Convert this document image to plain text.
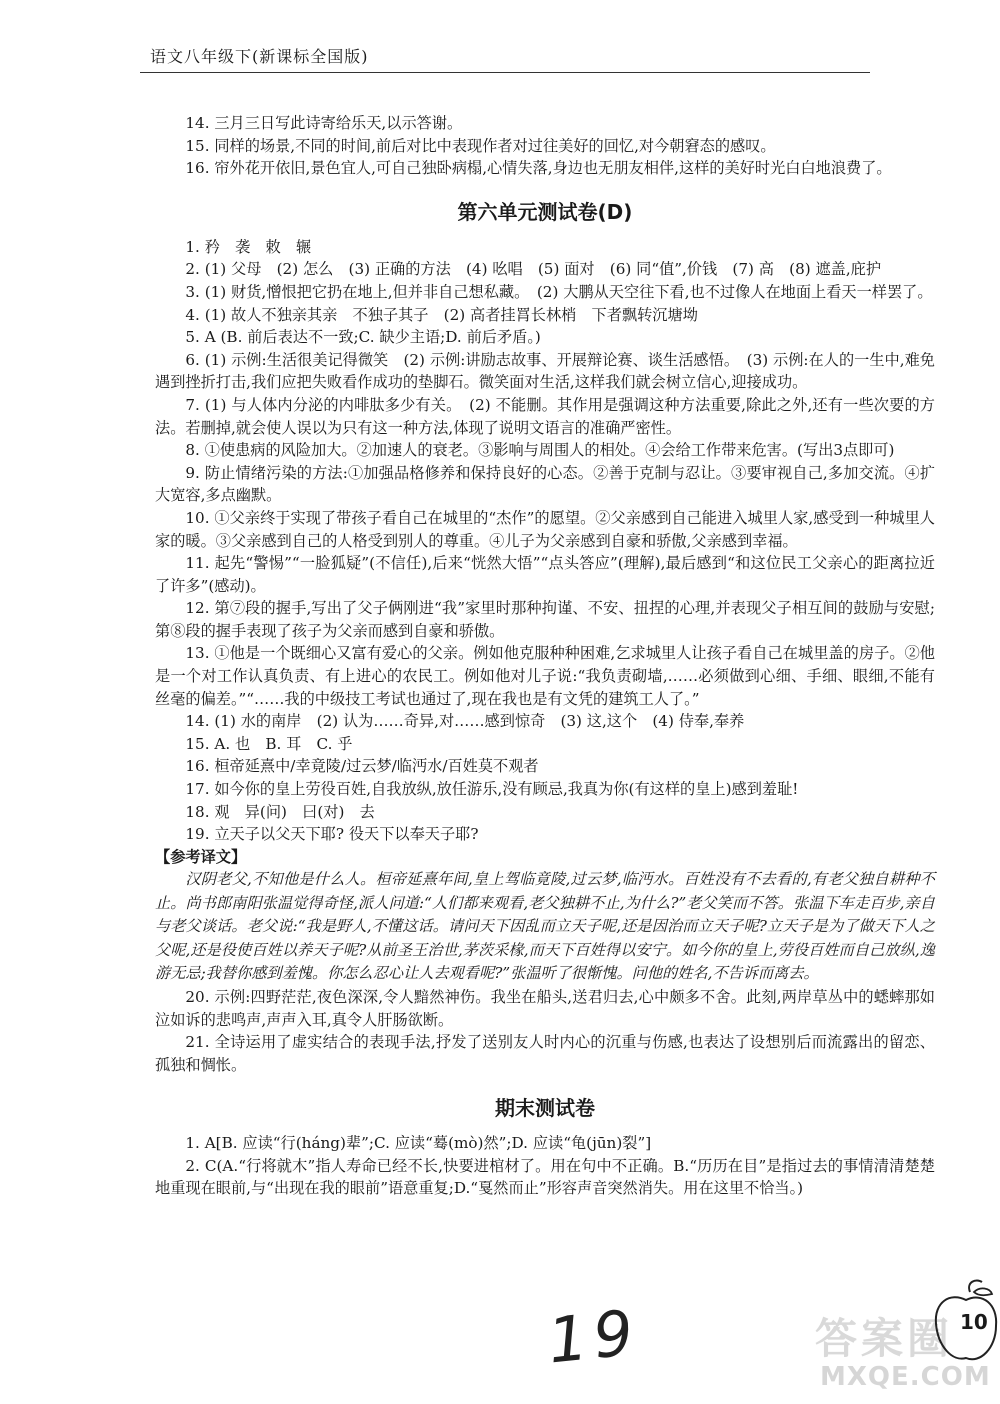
语文八年级下(新课标全国版)

14. 三月三日写此诗寄给乐天,以示答谢。

15. 同样的场景,不同的时间,前后对比中表现作者对过往美好的回忆,对今朝窘态的感叹。

16. 帘外花开依旧,景色宜人,可自己独卧病榻,心情失落,身边也无朋友相伴,这样的美好时光白白地浪费了。

第六单元测试卷(D)

1. 矜　袭　敕　辗

2. (1) 父母　(2) 怎么　(3) 正确的方法　(4) 吆唱　(5) 面对　(6) 同“值”,价钱　(7) 高　(8) 遮盖,庇护

3. (1) 财货,憎恨把它扔在地上,但并非自己想私藏。　(2) 大鹏从天空往下看,也不过像人在地面上看天一样罢了。

4. (1) 故人不独亲其亲　不独子其子　(2) 高者挂罥长林梢　下者飘转沉塘坳

5. A (B. 前后表达不一致;C. 缺少主语;D. 前后矛盾。)

6. (1) 示例:生活很美记得微笑　(2) 示例:讲励志故事、开展辩论赛、谈生活感悟。　(3) 示例:在人的一生中,难免遇到挫折打击,我们应把失败看作成功的垫脚石。微笑面对生活,这样我们就会树立信心,迎接成功。

7. (1) 与人体内分泌的内啡肽多少有关。　(2) 不能删。其作用是强调这种方法重要,除此之外,还有一些次要的方法。若删掉,就会使人误以为只有这一种方法,体现了说明文语言的准确严密性。

8. ①使患病的风险加大。②加速人的衰老。③影响与周围人的相处。④会给工作带来危害。(写出3点即可)

9. 防止情绪污染的方法:①加强品格修养和保持良好的心态。②善于克制与忍让。③要审视自己,多加交流。④扩大宽容,多点幽默。

10. ①父亲终于实现了带孩子看自己在城里的“杰作”的愿望。②父亲感到自己能进入城里人家,感受到一种城里人家的暖。③父亲感到自己的人格受到别人的尊重。④儿子为父亲感到自豪和骄傲,父亲感到幸福。

11. 起先“警惕”“一脸狐疑”(不信任),后来“恍然大悟”“点头答应”(理解),最后感到“和这位民工父亲心的距离拉近了许多”(感动)。

12. 第⑦段的握手,写出了父子俩刚进“我”家里时那种拘谨、不安、扭捏的心理,并表现父子相互间的鼓励与安慰;第⑧段的握手表现了孩子为父亲而感到自豪和骄傲。

13. ①他是一个既细心又富有爱心的父亲。例如他克服种种困难,乞求城里人让孩子看自己在城里盖的房子。②他是一个对工作认真负责、有上进心的农民工。例如他对儿子说:“我负责砌墙,……必须做到心细、手细、眼细,不能有丝毫的偏差。”“……我的中级技工考试也通过了,现在我也是有文凭的建筑工人了。”

14. (1) 水的南岸　(2) 认为……奇异,对……感到惊奇　(3) 这,这个　(4) 侍奉,奉养

15. A. 也　B. 耳　C. 乎

16. 桓帝延熹中/幸竟陵/过云梦/临沔水/百姓莫不观者

17. 如今你的皇上劳役百姓,自我放纵,放任游乐,没有顾忌,我真为你(有这样的皇上)感到羞耻!

18. 观　异(问)　曰(对)　去

19. 立天子以父天下耶? 役天下以奉天子耶?

【参考译文】

汉阴老父,不知他是什么人。桓帝延熹年间,皇上驾临竟陵,过云梦,临沔水。百姓没有不去看的,有老父独自耕种不止。尚书郎南阳张温觉得奇怪,派人问道:“人们都来观看,老父独耕不止,为什么?”老父笑而不答。张温下车走百步,亲自与老父谈话。老父说:“我是野人,不懂这话。请问天下因乱而立天子呢,还是因治而立天子呢?立天子是为了做天下人之父呢,还是役使百姓以养天子呢?从前圣王治世,茅茨采椽,而天下百姓得以安宁。如今你的皇上,劳役百姓而自己放纵,逸游无忌;我替你感到羞愧。你怎么忍心让人去观看呢?”张温听了很惭愧。问他的姓名,不告诉而离去。

20. 示例:四野茫茫,夜色深深,令人黯然神伤。我坐在船头,送君归去,心中颇多不舍。此刻,两岸草丛中的蟋蟀那如泣如诉的悲鸣声,声声入耳,真令人肝肠欲断。

21. 全诗运用了虚实结合的表现手法,抒发了送别友人时内心的沉重与伤感,也表达了设想别后而流露出的留恋、孤独和惆怅。

期末测试卷

1. A[B. 应读“行(háng)辈”;C. 应读“蓦(mò)然”;D. 应读“龟(jūn)裂”]

2. C(A.“行将就木”指人寿命已经不长,快要进棺材了。用在句中不正确。B.“历历在目”是指过去的事情清清楚楚地重现在眼前,与“出现在我的眼前”语意重复;D.“戛然而止”形容声音突然消失。用在这里不恰当。)

答案圈
MXQE.COM
19	10
